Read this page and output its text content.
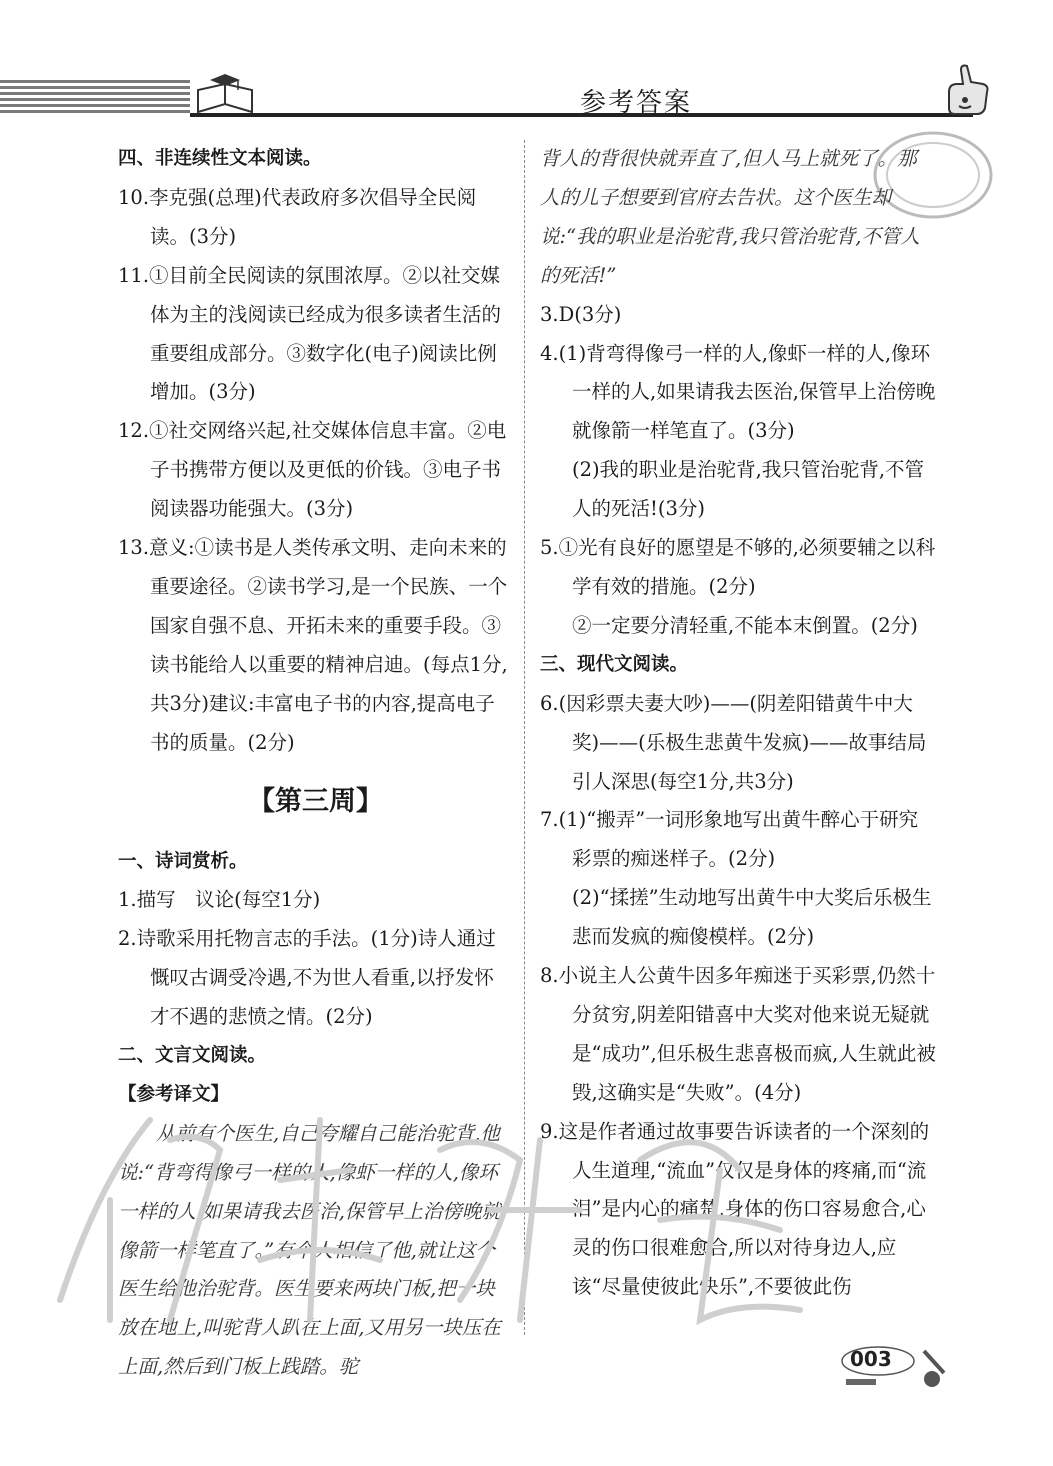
参考答案
四、非连续性文本阅读。
10.李克强(总理)代表政府多次倡导全民阅读。(3分)
11.①目前全民阅读的氛围浓厚。②以社交媒体为主的浅阅读已经成为很多读者生活的重要组成部分。③数字化(电子)阅读比例增加。(3分)
12.①社交网络兴起,社交媒体信息丰富。②电子书携带方便以及更低的价钱。③电子书阅读器功能强大。(3分)
13.意义:①读书是人类传承文明、走向未来的重要途径。②读书学习,是一个民族、一个国家自强不息、开拓未来的重要手段。③读书能给人以重要的精神启迪。(每点1分,共3分)建议:丰富电子书的内容,提高电子书的质量。(2分)
【第三周】
一、诗词赏析。
1.描写　议论(每空1分)
2.诗歌采用托物言志的手法。(1分)诗人通过慨叹古调受冷遇,不为世人看重,以抒发怀才不遇的悲愤之情。(2分)
二、文言文阅读。
【参考译文】
从前有个医生,自己夸耀自己能治驼背,他说:“背弯得像弓一样的人,像虾一样的人,像环一样的人,如果请我去医治,保管早上治傍晚就像箭一样笔直了。”有个人相信了他,就让这个医生给他治驼背。医生要来两块门板,把一块放在地上,叫驼背人趴在上面,又用另一块压在上面,然后到门板上践踏。驼
背人的背很快就弄直了,但人马上就死了。那人的儿子想要到官府去告状。这个医生却说:“我的职业是治驼背,我只管治驼背,不管人的死活!”
3.D(3分)
4.(1)背弯得像弓一样的人,像虾一样的人,像环一样的人,如果请我去医治,保管早上治傍晚就像箭一样笔直了。(3分)
(2)我的职业是治驼背,我只管治驼背,不管人的死活!(3分)
5.①光有良好的愿望是不够的,必须要辅之以科学有效的措施。(2分)
②一定要分清轻重,不能本末倒置。(2分)
三、现代文阅读。
6.(因彩票夫妻大吵)——(阴差阳错黄牛中大奖)——(乐极生悲黄牛发疯)——故事结局引人深思(每空1分,共3分)
7.(1)“搬弄”一词形象地写出黄牛醉心于研究彩票的痴迷样子。(2分)
(2)“揉搓”生动地写出黄牛中大奖后乐极生悲而发疯的痴傻模样。(2分)
8.小说主人公黄牛因多年痴迷于买彩票,仍然十分贫穷,阴差阳错喜中大奖对他来说无疑就是“成功”,但乐极生悲喜极而疯,人生就此被毁,这确实是“失败”。(4分)
9.这是作者通过故事要告诉读者的一个深刻的人生道理,“流血”仅仅是身体的疼痛,而“流泪”是内心的痛楚,身体的伤口容易愈合,心灵的伤口很难愈合,所以对待身边人,应该“尽量使彼此快乐”,不要彼此伤
003
